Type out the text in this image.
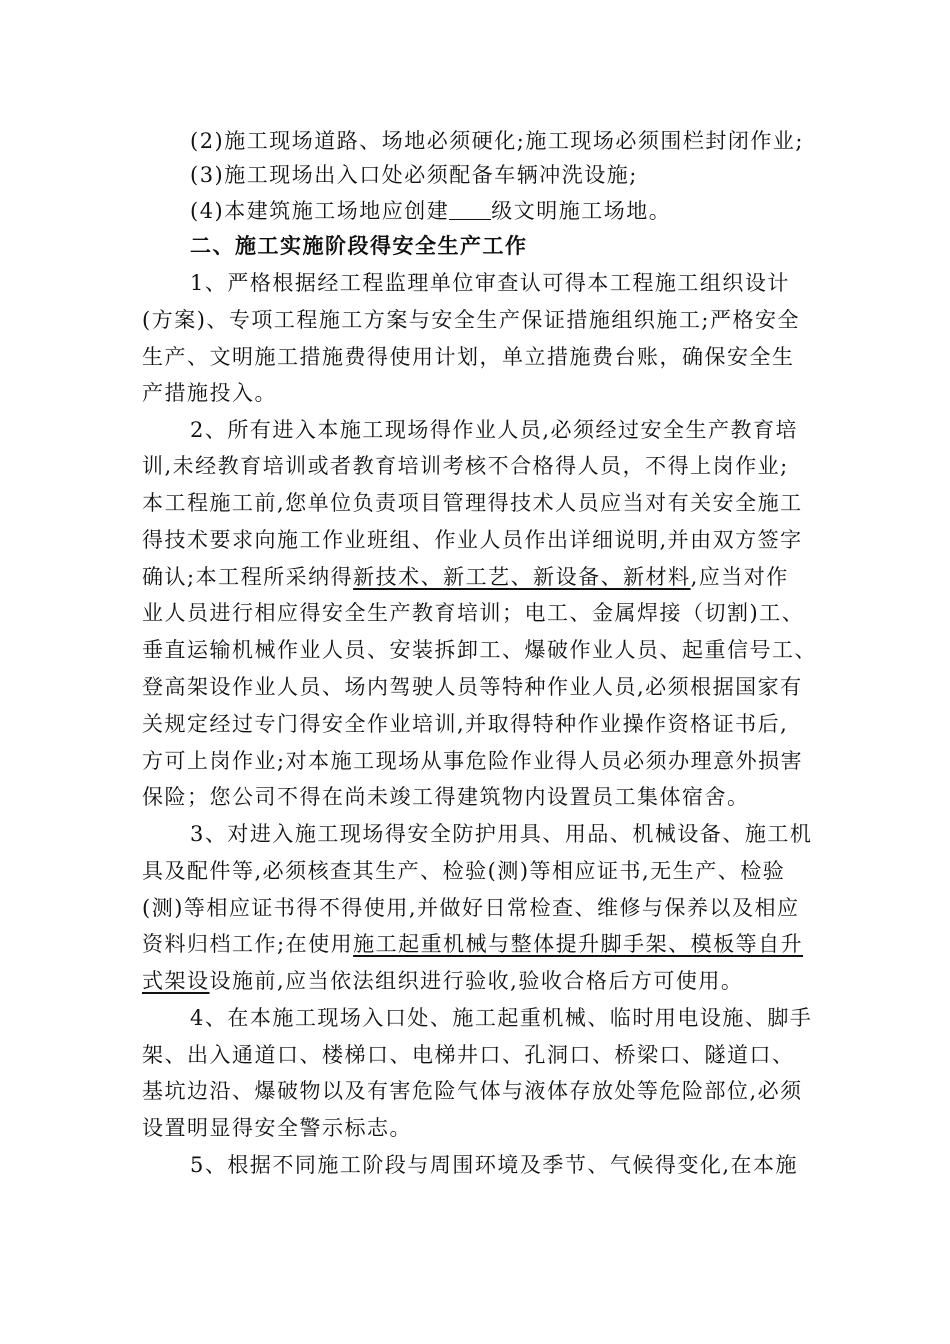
(2)施工现场道路、场地必须硬化;施工现场必须围栏封闭作业;
(3)施工现场出入口处必须配备车辆冲洗设施;
(4)本建筑施工场地应创建 级文明施工场地。
二、施工实施阶段得安全生产工作
1、严格根据经工程监理单位审查认可得本工程施工组织设计
(方案)、专项工程施工方案与安全生产保证措施组织施工;严格安全
生产、文明施工措施费得使用计划，单立措施费台账，确保安全生
产措施投入。
2、所有进入本施工现场得作业人员,必须经过安全生产教育培
训,未经教育培训或者教育培训考核不合格得人员，不得上岗作业;
本工程施工前,您单位负责项目管理得技术人员应当对有关安全施工
得技术要求向施工作业班组、作业人员作出详细说明,并由双方签字
确认;本工程所采纳得新技术、新工艺、新设备、新材料,应当对作
业人员进行相应得安全生产教育培训；电工、金属焊接（切割)工、
垂直运输机械作业人员、安装拆卸工、爆破作业人员、起重信号工、
登高架设作业人员、场内驾驶人员等特种作业人员,必须根据国家有
关规定经过专门得安全作业培训,并取得特种作业操作资格证书后,
方可上岗作业;对本施工现场从事危险作业得人员必须办理意外损害
保险；您公司不得在尚未竣工得建筑物内设置员工集体宿舍。
3、对进入施工现场得安全防护用具、用品、机械设备、施工机
具及配件等,必须核查其生产、检验(测)等相应证书,无生产、检验
(测)等相应证书得不得使用,并做好日常检查、维修与保养以及相应
资料归档工作;在使用施工起重机械与整体提升脚手架、模板等自升
式架设设施前,应当依法组织进行验收,验收合格后方可使用。
4、在本施工现场入口处、施工起重机械、临时用电设施、脚手
架、出入通道口、楼梯口、电梯井口、孔洞口、桥梁口、隧道口、
基坑边沿、爆破物以及有害危险气体与液体存放处等危险部位,必须
设置明显得安全警示标志。
5、根据不同施工阶段与周围环境及季节、气候得变化,在本施
